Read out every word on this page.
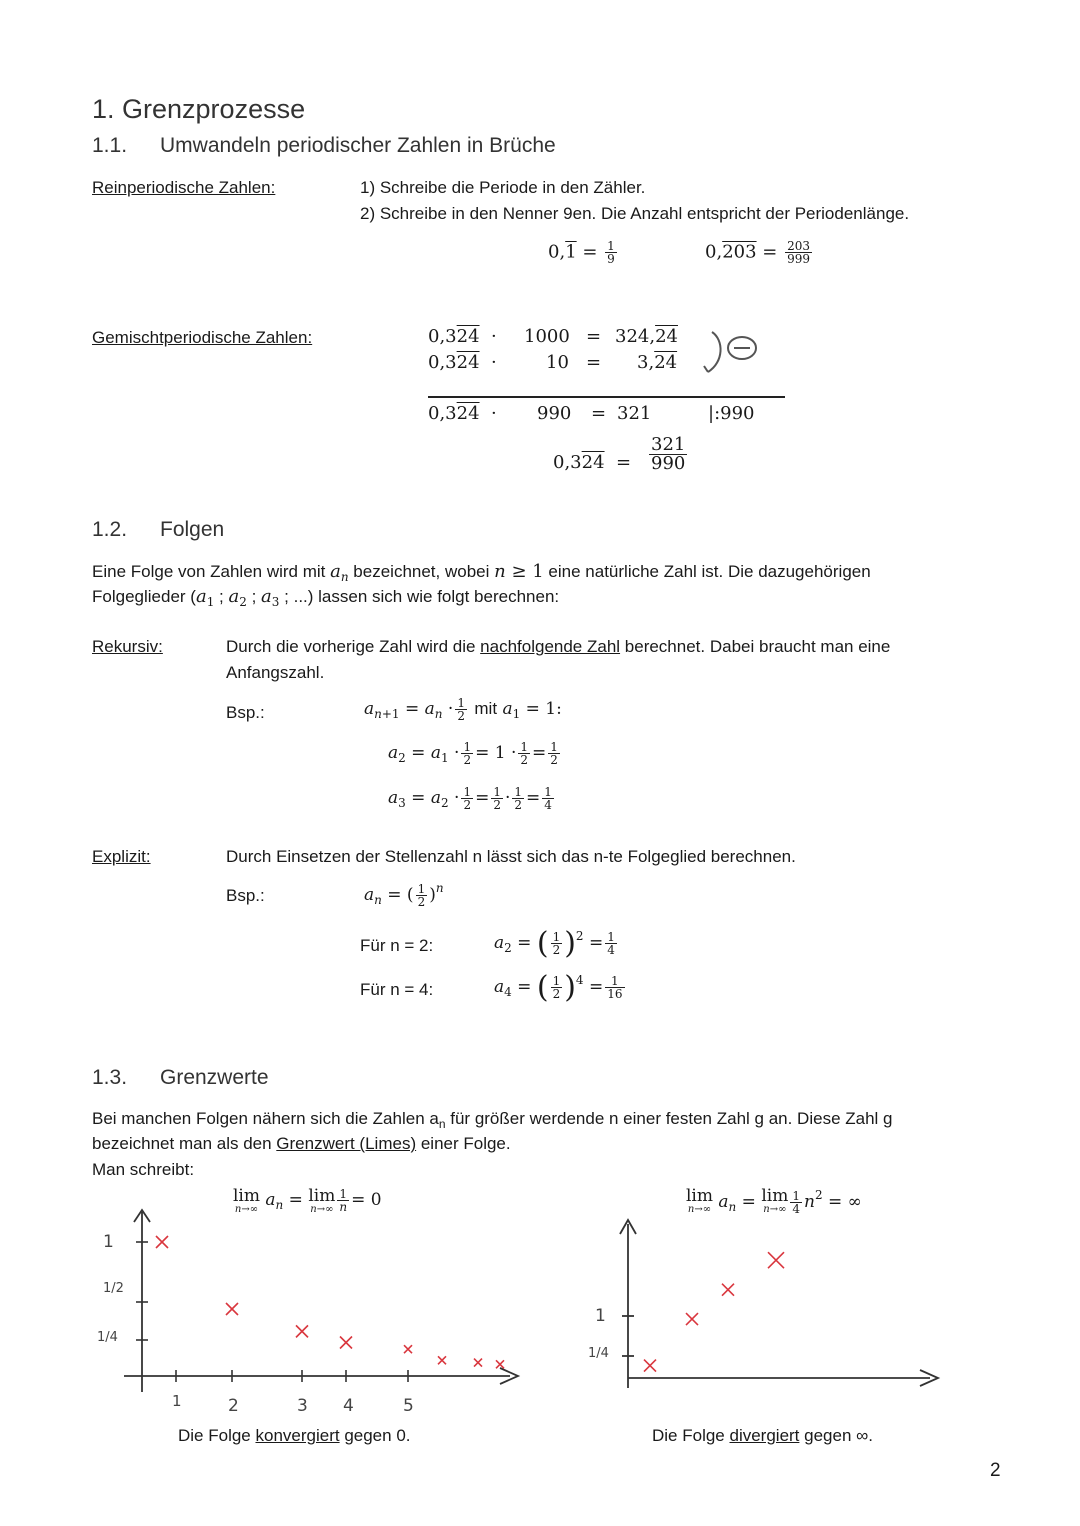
1. Grenzprozesse
1.1. Umwandeln periodischer Zahlen in Brüche
Reinperiodische Zahlen:	1) Schreibe die Periode in den Zähler.
2) Schreibe in den Nenner 9en. Die Anzahl entspricht der Periodenlänge.
$0,1 = \frac{1}{9}$	$0,203 = \frac{203}{999}$
Gemischtperiodische Zahlen:	0,324  · 1000 = 324,24
0,324  ·	10 = 3,24
0,324  · 990 = 321	|:990
$0,324 = \frac{321}{990}$
1.2. Folgen
Eine Folge von Zahlen wird mit $a_n$ bezeichnet, wobei n ≥ 1 eine natürliche Zahl ist. Die dazugehörigen
Folgeglieder ($a_1$ ; $a_2$ ; $a_3$ ; ...) lassen sich wie folgt berechnen:
Rekursiv:	Durch die vorherige Zahl wird die nachfolgende Zahl berechnet. Dabei braucht man eine
Anfangszahl.
Bsp.:	$a_{n+1} = a_n \cdot \frac{1}{2}$ mit $a_1 = 1$:
$a_2 = a_1 \cdot \frac{1}{2} = 1 \cdot \frac{1}{2} = \frac{1}{2}$
$a_3 = a_2 \cdot \frac{1}{2} = \frac{1}{2} \cdot \frac{1}{2} = \frac{1}{4}$
Explizit:	Durch Einsetzen der Stellenzahl n lässt sich das n-te Folgeglied berechnen.
Bsp.:	$a_n$ = ( $\frac{1}{2} )^n$
Für n = 2:	$a_2$ = ( $\frac{1}{2} )^2 = \frac{1}{4}$
Für n = 4:	$a_4$ = ( $\frac{1}{2} )^4 = \frac{1}{16}$
1.3. Grenzwerte
Bei manchen Folgen nähern sich die Zahlen $a_n$ für größer werdende n einer festen Zahl g an. Diese Zahl g
bezeichnet man als den Grenzwert (Limes) einer Folge.
Man schreibt:
lim
n→∞ $a_n = \lim$
$n\to\infty \frac{1}{n} = 0$	lim
n→∞ $a_n = \lim$
$n\to\infty \frac{1}{4} n^2$ = ∞
1
1/2
1/4
1	2	3 4	5
Die Folge konvergiert gegen 0.
1
1/4
Die Folge divergiert gegen ∞.
2
